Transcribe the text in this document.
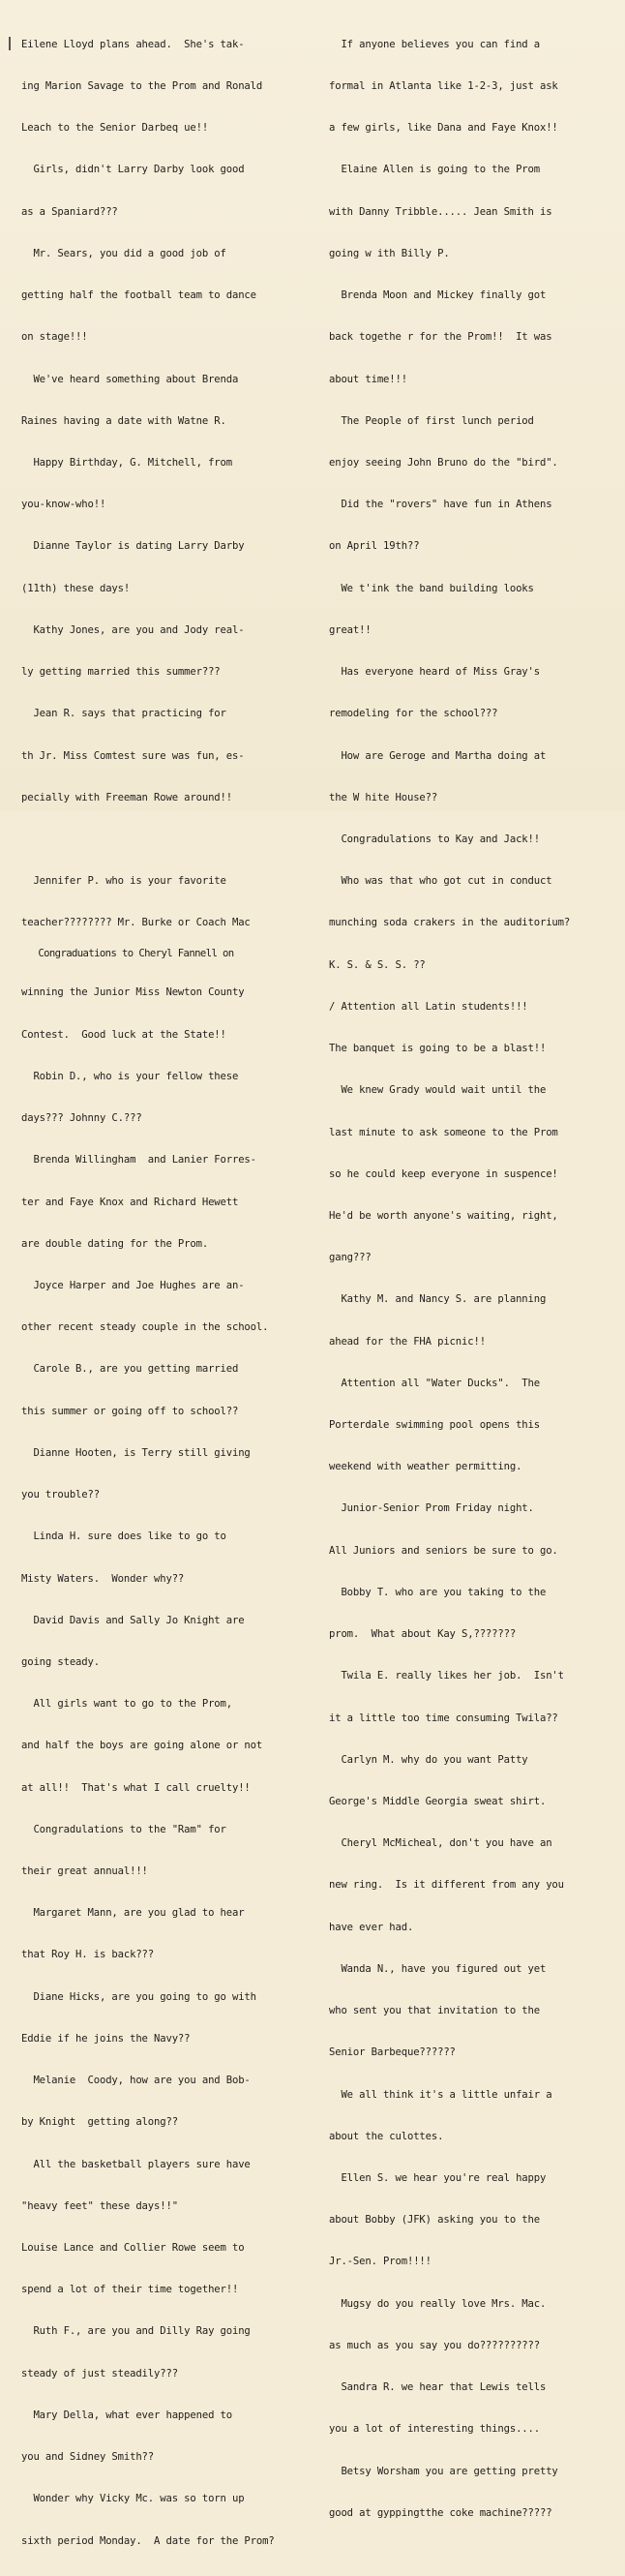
Eilene Lloyd plans ahead.  She's tak-

ing Marion Savage to the Prom and Ronald

Leach to the Senior Darbeq ue!!

Girls, didn't Larry Darby look good

as a Spaniard???

Mr. Sears, you did a good job of

getting half the football team to dance

on stage!!!

We've heard something about Brenda

Raines having a date with Watne R.

Happy Birthday, G. Mitchell, from

you-know-who!!

Dianne Taylor is dating Larry Darby

(11th) these days!

Kathy Jones, are you and Jody real-

ly getting married this summer???

Jean R. says that practicing for

th Jr. Miss Comtest sure was fun, es-

pecially with Freeman Rowe around!!

Jennifer P. who is your favorite

teacher???????? Mr. Burke or Coach Mac

Congraduations to Cheryl Fannell on

winning the Junior Miss Newton County

Contest.  Good luck at the State!!

Robin D., who is your fellow these

days??? Johnny C.???

Brenda Willingham  and Lanier Forres-

ter and Faye Knox and Richard Hewett

are double dating for the Prom.

Joyce Harper and Joe Hughes are an-

other recent steady couple in the school.

Carole B., are you getting married

this summer or going off to school??

Dianne Hooten, is Terry still giving

you trouble??

Linda H. sure does like to go to

Misty Waters.  Wonder why??

David Davis and Sally Jo Knight are

going steady.

All girls want to go to the Prom,

and half the boys are going alone or not

at all!!  That's what I call cruelty!!

Congradulations to the "Ram" for

their great annual!!!

Margaret Mann, are you glad to hear

that Roy H. is back???

Diane Hicks, are you going to go with

Eddie if he joins the Navy??

Melanie  Coody, how are you and Bob-

by Knight  getting along??

All the basketball players sure have

"heavy feet" these days!!"

Louise Lance and Collier Rowe seem to

spend a lot of their time together!!

Ruth F., are you and Dilly Ray going

steady of just steadily???

Mary Della, what ever happened to

you and Sidney Smith??

Wonder why Vicky Mc. was so torn up

sixth period Monday.  A date for the Prom?

If anyone believes you can find a

formal in Atlanta like 1-2-3, just ask

a few girls, like Dana and Faye Knox!!

Elaine Allen is going to the Prom

with Danny Tribble..... Jean Smith is

going w ith Billy P.

Brenda Moon and Mickey finally got

back togethe r for the Prom!!  It was

about time!!!

The People of first lunch period

enjoy seeing John Bruno do the "bird".

Did the "rovers" have fun in Athens

on April 19th??

We t'ink the band building looks

great!!

Has everyone heard of Miss Gray's

remodeling for the school???

How are Geroge and Martha doing at

the W hite House??

Congradulations to Kay and Jack!!

Who was that who got cut in conduct

munching soda crakers in the auditorium?

K. S. & S. S. ??

/ Attention all Latin students!!!

The banquet is going to be a blast!!

We knew Grady would wait until the

last minute to ask someone to the Prom

so he could keep everyone in suspence!

He'd be worth anyone's waiting, right,

gang???

Kathy M. and Nancy S. are planning

ahead for the FHA picnic!!

Attention all "Water Ducks".  The

Porterdale swimming pool opens this

weekend with weather permitting.

Junior-Senior Prom Friday night.

All Juniors and seniors be sure to go.

Bobby T. who are you taking to the

prom.  What about Kay S,???????

Twila E. really likes her job.  Isn't

it a little too time consuming Twila??

Carlyn M. why do you want Patty

George's Middle Georgia sweat shirt.

Cheryl McMicheal, don't you have an

new ring.  Is it different from any you

have ever had.

Wanda N., have you figured out yet

who sent you that invitation to the

Senior Barbeque??????

We all think it's a little unfair a

about the culottes.

Ellen S. we hear you're real happy

about Bobby (JFK) asking you to the

Jr.-Sen. Prom!!!!

Mugsy do you really love Mrs. Mac.

as much as you say you do??????????

Sandra R. we hear that Lewis tells

you a lot of interesting things....

Betsy Worsham you are getting pretty

good at gyppingtthe coke machine?????
